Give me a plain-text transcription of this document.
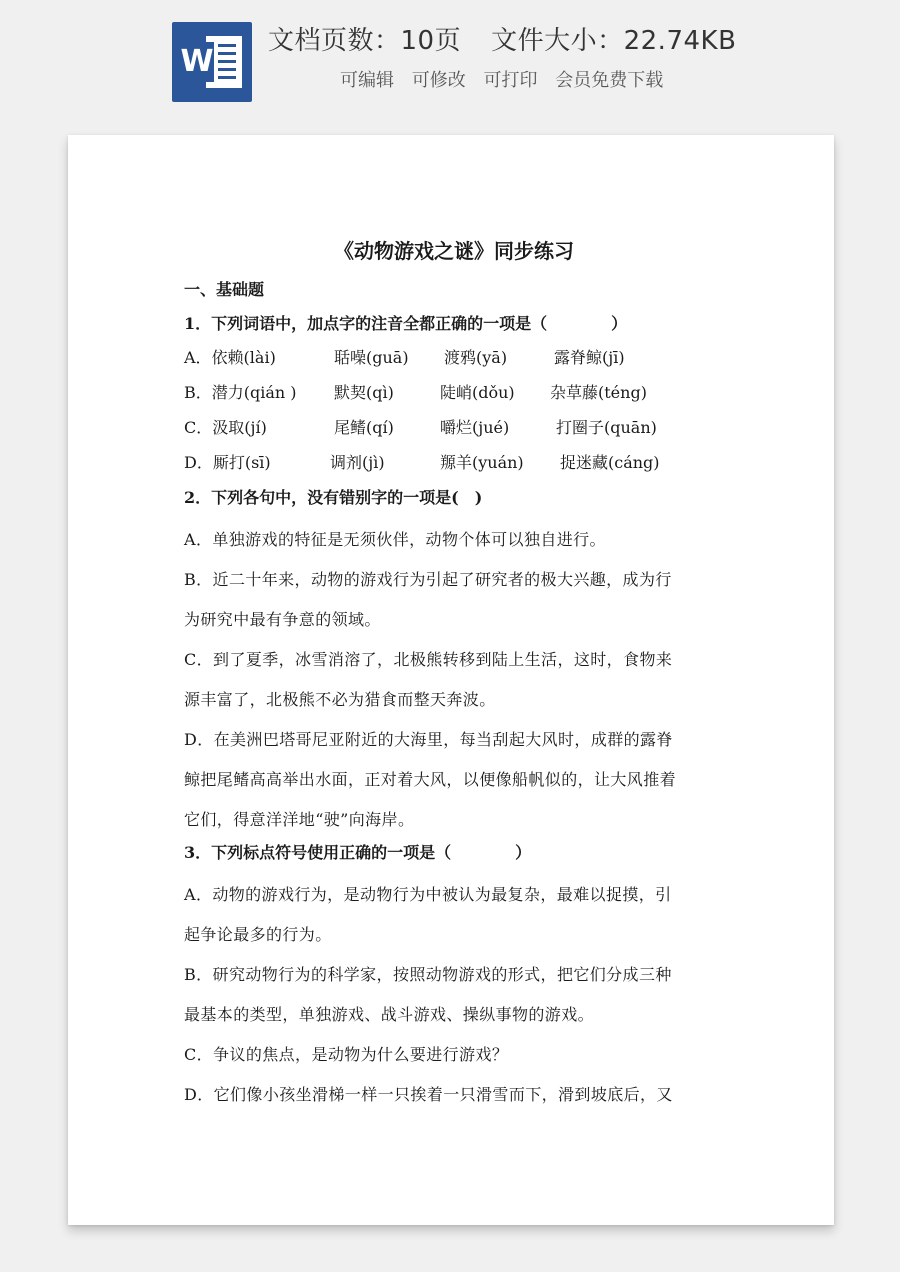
W
文档页数：10页 文件大小：22.74KB
可编辑 可修改 可打印 会员免费下载
《动物游戏之谜》同步练习
一、基础题
1．下列词语中，加点字的注音全都正确的一项是（　　　　）
A．依赖(lài)	聒噪(guā) 渡鸦(yā)	露脊鲸(jī)
B．潜力(qián ) 默契(qì)	陡峭(dǒu) 杂草藤(téng)
C．汲取(jí)	尾鳍(qí)	嚼烂(jué)	打圈子(quān)
D．厮打(sī)	调剂(jì)	羱羊(yuán) 捉迷藏(cáng)
2．下列各句中，没有错别字的一项是(　)
A．单独游戏的特征是无须伙伴，动物个体可以独自进行。
B．近二十年来，动物的游戏行为引起了研究者的极大兴趣，成为行
为研究中最有争意的领域。
C．到了夏季，冰雪消溶了，北极熊转移到陆上生活，这时，食物来
源丰富了，北极熊不必为猎食而整天奔波。
D．在美洲巴塔哥尼亚附近的大海里，每当刮起大风时，成群的露脊
鲸把尾鳍高高举出水面，正对着大风，以便像船帆似的，让大风推着
它们，得意洋洋地“驶”向海岸。
3．下列标点符号使用正确的一项是（　　　　）
A．动物的游戏行为，是动物行为中被认为最复杂，最难以捉摸，引
起争论最多的行为。
B．研究动物行为的科学家，按照动物游戏的形式，把它们分成三种
最基本的类型，单独游戏、战斗游戏、操纵事物的游戏。
C．争议的焦点，是动物为什么要进行游戏？
D．它们像小孩坐滑梯一样一只挨着一只滑雪而下，滑到坡底后，又
